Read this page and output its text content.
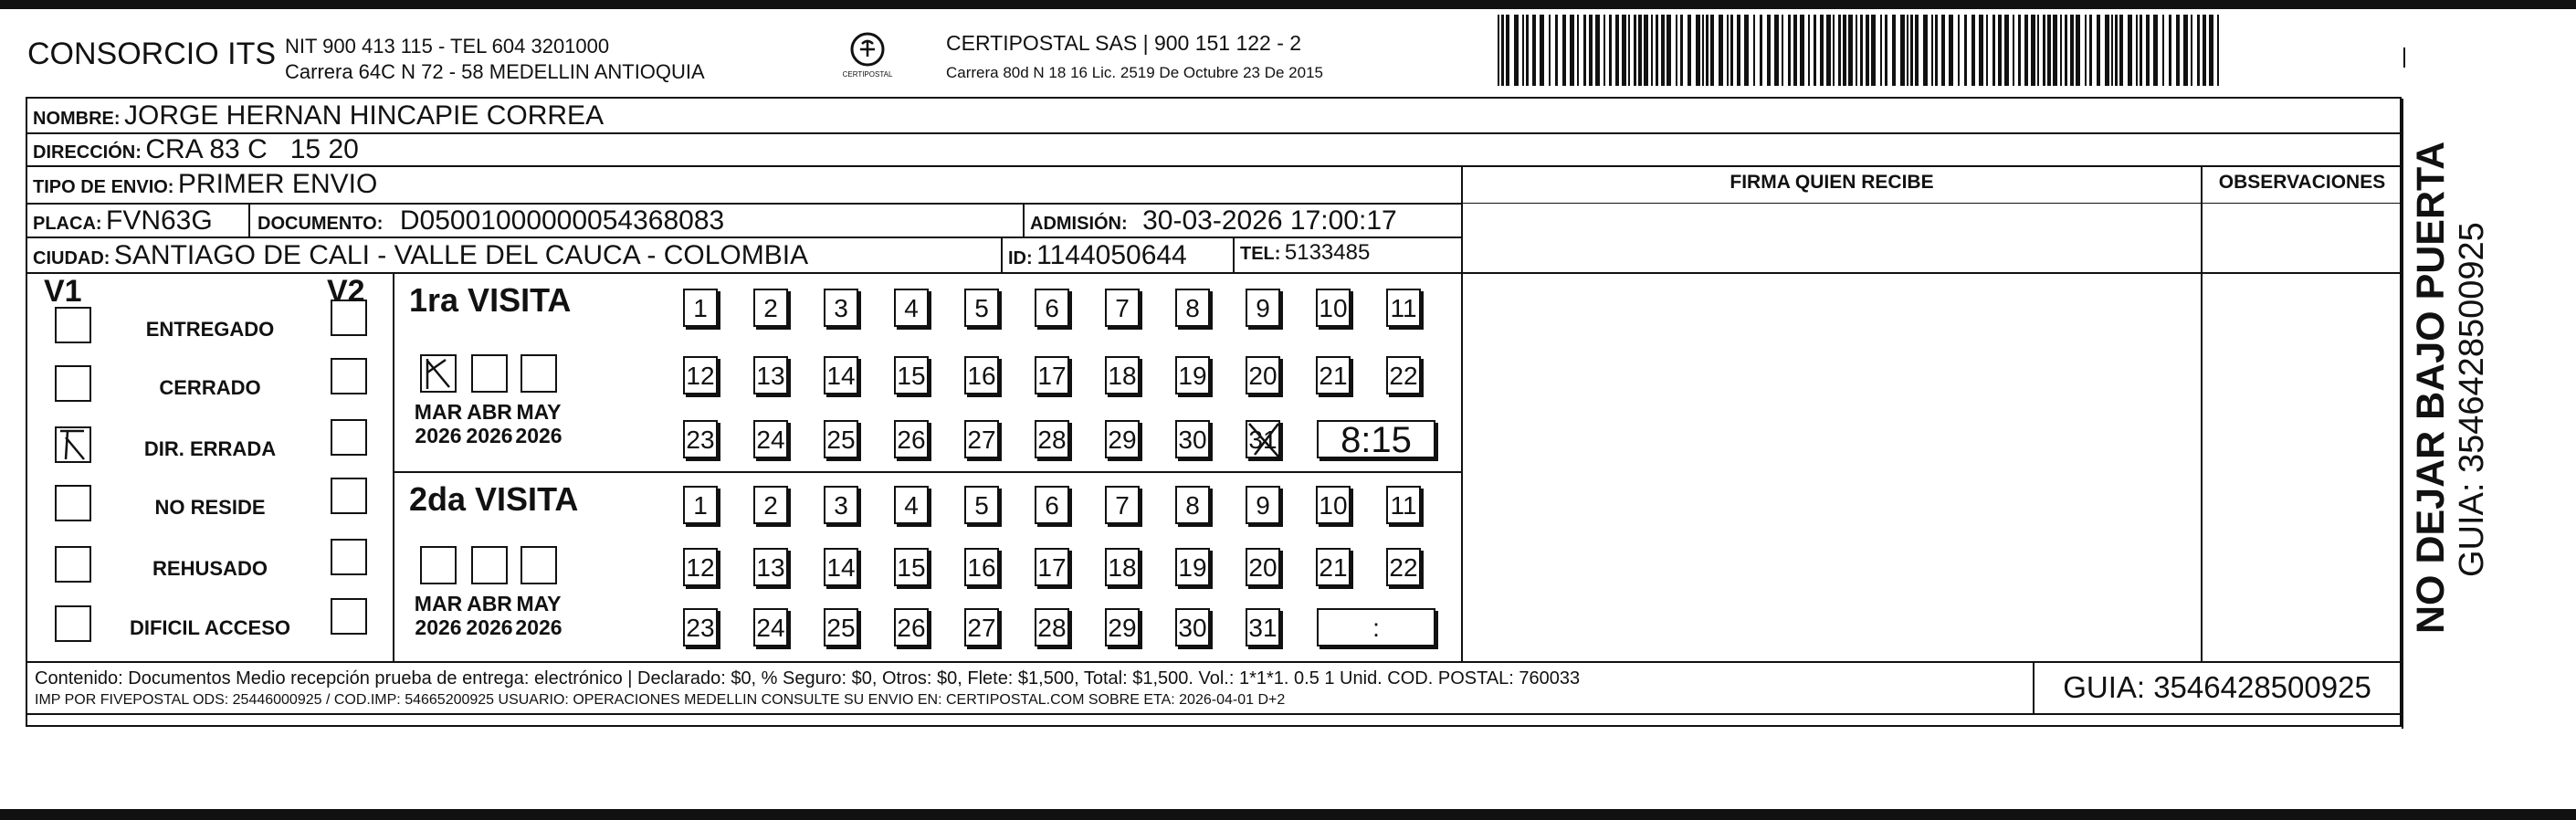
CONSORCIO ITS NIT 900 413 115 - TEL 604 3201000
Carrera 64C N 72 - 58 MEDELLIN ANTIOQUIA	CERTIPOSTAL
CERTIPOSTAL SAS | 900 151 122 - 2
Carrera 80d N 18 16 Lic. 2519 De Octubre 23 De 2015
NOMBRE: JORGE HERNAN HINCAPIE CORREA
DIRECCIÓN: CRA 83 C   15 20
TIPO DE ENVIO: PRIMER ENVIO
PLACA: FVN63G DOCUMENTO: D05001000000054368083	ADMISIÓN: 30-03-2026 17:00:17
CIUDAD: SANTIAGO DE CALI - VALLE DEL CAUCA - COLOMBIA	ID: 1144050644	TEL: 5133485
FIRMA QUIEN RECIBE	OBSERVACIONES
V1	V2
ENTREGADO
CERRADO
DIR. ERRADA
NO RESIDE
REHUSADO
DIFICIL ACCESO
1ra VISITA
MAR
2026
ABR
2026
MAY
2026
1	2	3	4	5	6	7	8	9	10 11
12 13 14 15 16 17 18 19 20 21 22
23 24 25 26 27 28 29 30 31	8:15
2da VISITA
MAR
2026
ABR
2026
MAY
2026
1	2	3	4	5	6	7	8	9	10 11
12 13 14 15 16 17 18 19 20 21 22
23 24 25 26 27 28 29 30 31	:
Contenido: Documentos Medio recepción prueba de entrega: electrónico | Declarado: $0, % Seguro: $0, Otros: $0, Flete: $1,500, Total: $1,500. Vol.: 1*1*1. 0.5 1 Unid. COD. POSTAL: 760033
IMP POR FIVEPOSTAL ODS: 25446000925 / COD.IMP: 54665200925 USUARIO: OPERACIONES MEDELLIN CONSULTE SU ENVIO EN: CERTIPOSTAL.COM SOBRE ETA: 2026-04-01 D+2	GUIA: 3546428500925
NO DEJAR BAJO PUERTA GUIA: 3546428500925
